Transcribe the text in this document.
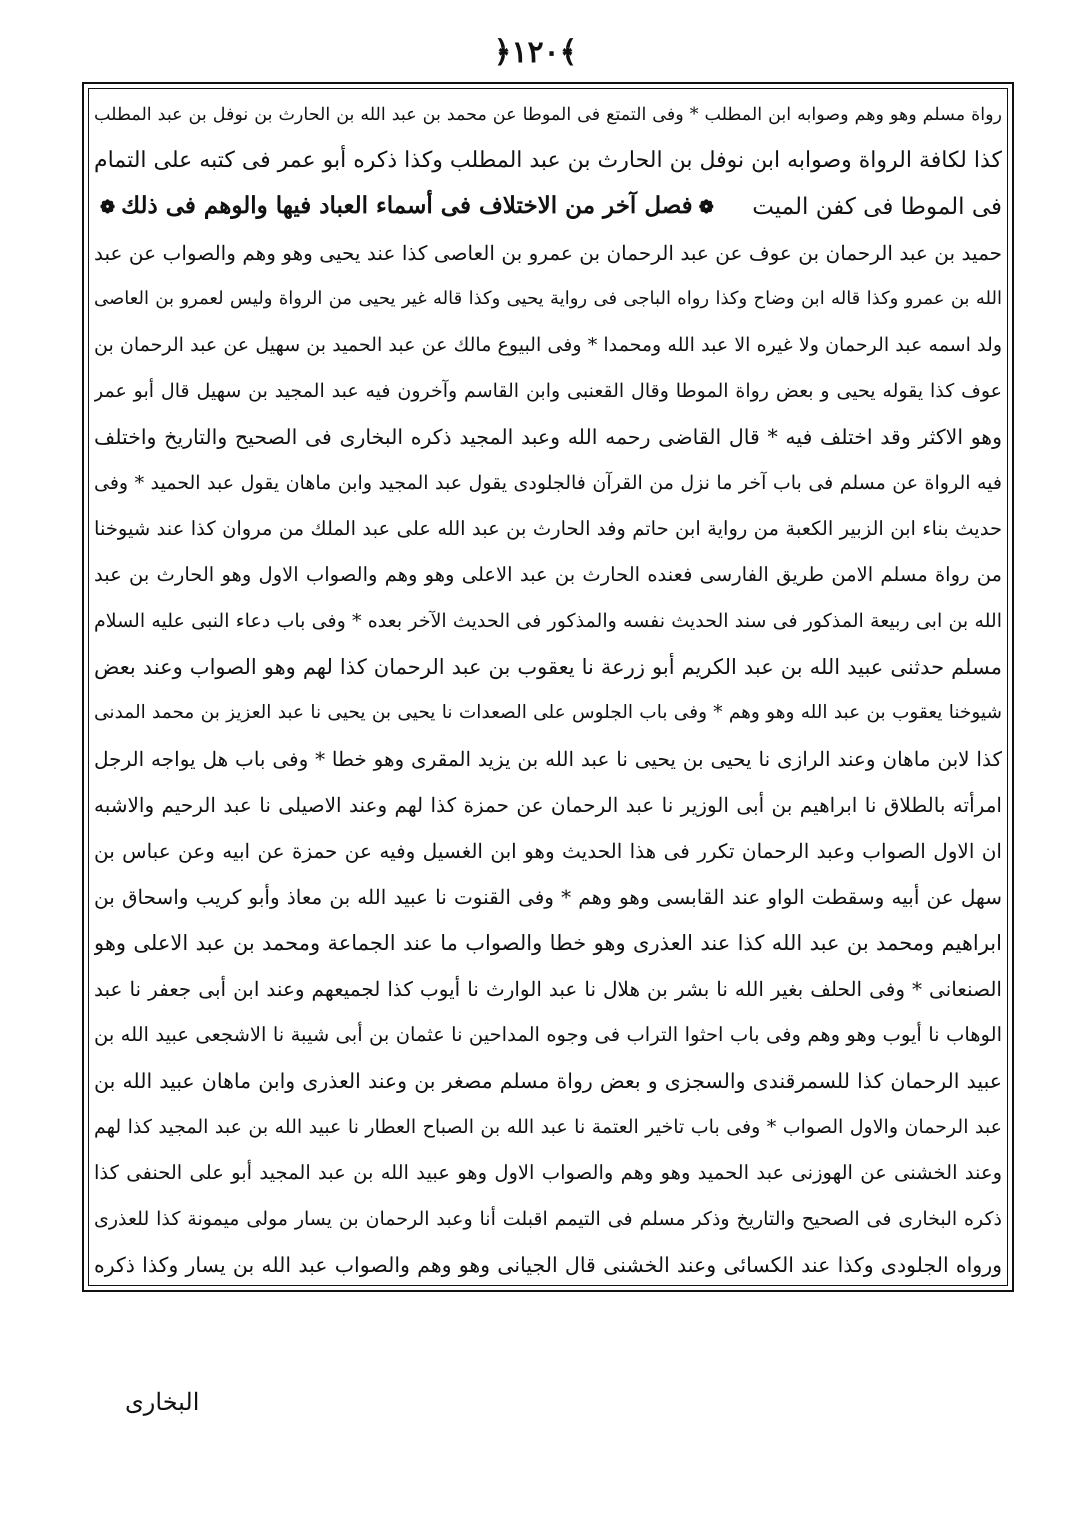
﴿١٢٠﴾
رواة مسلم وهو وهم وصوابه ابن المطلب * وفى التمتع فى الموطا عن محمد بن عبد الله بن الحارث بن نوفل بن عبد المطلب
كذا لكافة الرواة وصوابه ابن نوفل بن الحارث بن عبد المطلب وكذا ذكره أبو عمر فى كتبه على التمام
فى الموطا فى كفن الميت
❁فصل آخر من الاختلاف فى أسماء العباد فيها والوهم فى ذلك❁
حميد بن عبد الرحمان بن عوف عن عبد الرحمان بن عمرو بن العاصى كذا عند يحيى وهو وهم والصواب عن عبد
الله بن عمرو وكذا قاله ابن وضاح وكذا رواه الباجى فى رواية يحيى وكذا قاله غير يحيى من الرواة وليس لعمرو بن العاصى
ولد اسمه عبد الرحمان ولا غيره الا عبد الله ومحمدا * وفى البيوع مالك عن عبد الحميد بن سهيل عن عبد الرحمان بن
عوف كذا يقوله يحيى و بعض رواة الموطا وقال القعنبى وابن القاسم وآخرون فيه عبد المجيد بن سهيل قال أبو عمر
وهو الاكثر وقد اختلف فيه * قال القاضى رحمه الله وعبد المجيد ذكره البخارى فى الصحيح والتاريخ واختلف
فيه الرواة عن مسلم فى باب آخر ما نزل من القرآن فالجلودى يقول عبد المجيد وابن ماهان يقول عبد الحميد * وفى
حديث بناء ابن الزبير الكعبة من رواية ابن حاتم وفد الحارث بن عبد الله على عبد الملك من مروان كذا عند شيوخنا
من رواة مسلم الامن طريق الفارسى فعنده الحارث بن عبد الاعلى وهو وهم والصواب الاول وهو الحارث بن عبد
الله بن ابى ربيعة المذكور فى سند الحديث نفسه والمذكور فى الحديث الآخر بعده * وفى باب دعاء النبى عليه السلام
مسلم حدثنى عبيد الله بن عبد الكريم أبو زرعة نا يعقوب بن عبد الرحمان كذا لهم وهو الصواب وعند بعض
شيوخنا يعقوب بن عبد الله وهو وهم * وفى باب الجلوس على الصعدات نا يحيى بن يحيى نا عبد العزيز بن محمد المدنى
كذا لابن ماهان وعند الرازى نا يحيى بن يحيى نا عبد الله بن يزيد المقرى وهو خطا * وفى باب هل يواجه الرجل
امرأته بالطلاق نا ابراهيم بن أبى الوزير نا عبد الرحمان عن حمزة كذا لهم وعند الاصيلى نا عبد الرحيم والاشبه
ان الاول الصواب وعبد الرحمان تكرر فى هذا الحديث وهو ابن الغسيل وفيه عن حمزة عن ابيه وعن عباس بن
سهل عن أبيه وسقطت الواو عند القابسى وهو وهم * وفى القنوت نا عبيد الله بن معاذ وأبو كريب واسحاق بن
ابراهيم ومحمد بن عبد الله كذا عند العذرى وهو خطا والصواب ما عند الجماعة ومحمد بن عبد الاعلى وهو
الصنعانى * وفى الحلف بغير الله نا بشر بن هلال نا عبد الوارث نا أيوب كذا لجميعهم وعند ابن أبى جعفر نا عبد
الوهاب نا أيوب وهو وهم وفى باب احثوا التراب فى وجوه المداحين نا عثمان بن أبى شيبة نا الاشجعى عبيد الله بن
عبيد الرحمان كذا للسمرقندى والسجزى و بعض رواة مسلم مصغر بن وعند العذرى وابن ماهان عبيد الله بن
عبد الرحمان والاول الصواب * وفى باب تاخير العتمة نا عبد الله بن الصباح العطار نا عبيد الله بن عبد المجيد كذا لهم
وعند الخشنى عن الهوزنى عبد الحميد وهو وهم والصواب الاول وهو عبيد الله بن عبد المجيد أبو على الحنفى كذا
ذكره البخارى فى الصحيح والتاريخ وذكر مسلم فى التيمم اقبلت أنا وعبد الرحمان بن يسار مولى ميمونة كذا للعذرى
ورواه الجلودى وكذا عند الكسائى وعند الخشنى قال الجيانى وهو وهم والصواب عبد الله بن يسار وكذا ذكره
البخارى
